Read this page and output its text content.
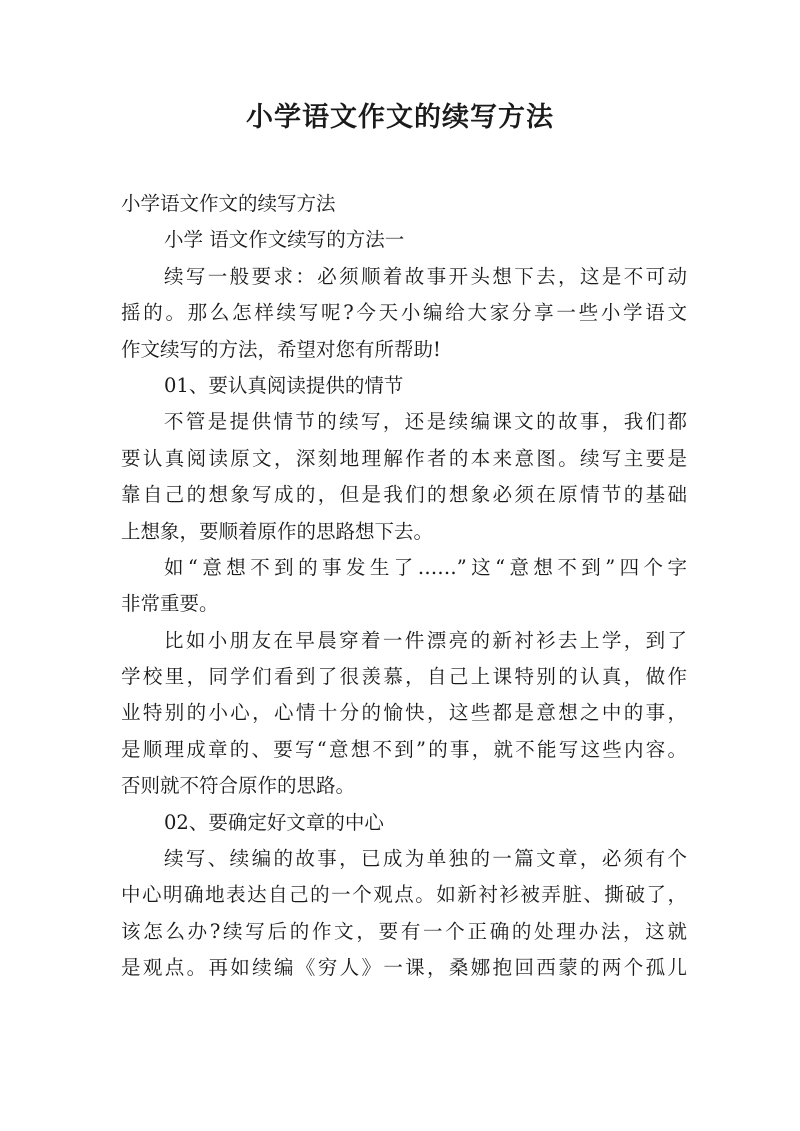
小学语文作文的续写方法
小学语文作文的续写方法
小学 语文作文续写的方法一
续写一般要求：必须顺着故事开头想下去，这是不可动
摇的。那么怎样续写呢?今天小编给大家分享一些小学语文
作文续写的方法，希望对您有所帮助!
01、要认真阅读提供的情节
不管是提供情节的续写，还是续编课文的故事，我们都
要认真阅读原文，深刻地理解作者的本来意图。续写主要是
靠自己的想象写成的，但是我们的想象必须在原情节的基础
上想象，要顺着原作的思路想下去。
如“意想不到的事发生了……”这“意想不到”四个字
非常重要。
比如小朋友在早晨穿着一件漂亮的新衬衫去上学，到了
学校里，同学们看到了很羡慕，自己上课特别的认真，做作
业特别的小心，心情十分的愉快，这些都是意想之中的事，
是顺理成章的、要写“意想不到”的事，就不能写这些内容。
否则就不符合原作的思路。
02、要确定好文章的中心
续写、续编的故事，已成为单独的一篇文章，必须有个
中心明确地表达自己的一个观点。如新衬衫被弄脏、撕破了，
该怎么办?续写后的作文，要有一个正确的处理办法，这就
是观点。再如续编《穷人》一课，桑娜抱回西蒙的两个孤儿
